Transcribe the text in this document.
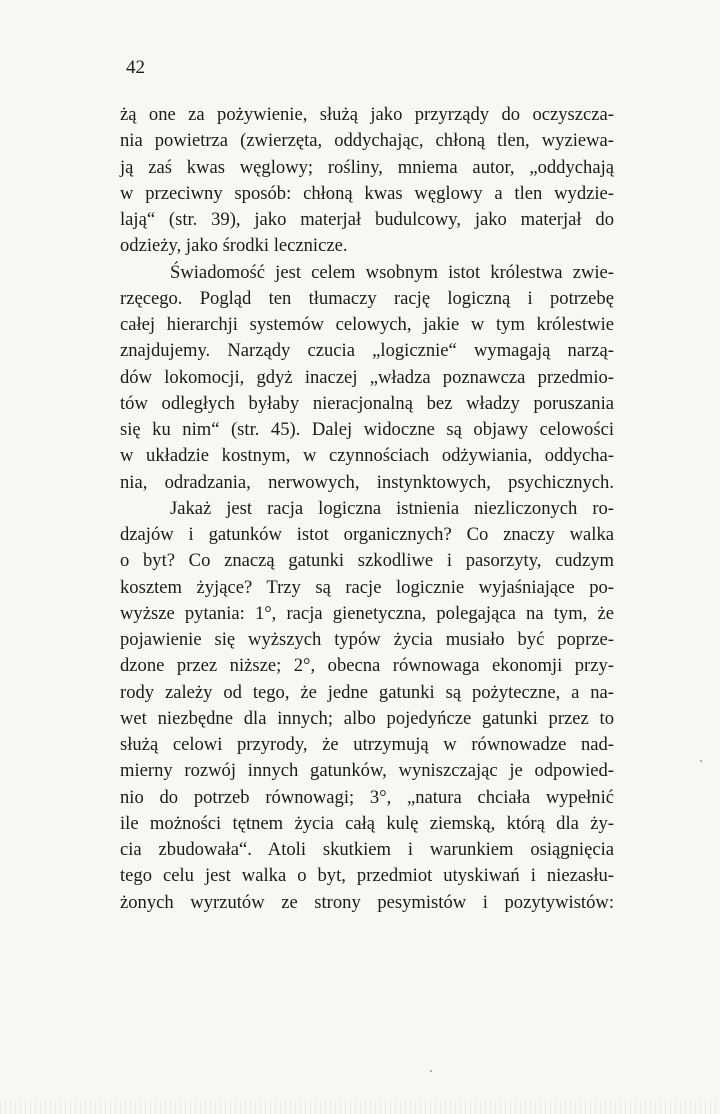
42
żą one za pożywienie, służą jako przyrządy do oczyszcza-
nia powietrza (zwierzęta, oddychając, chłoną tlen, wyziewa-
ją zaś kwas węglowy; rośliny, mniema autor, „oddychają
w przeciwny sposób: chłoną kwas węglowy a tlen wydzie-
lają“ (str. 39), jako materjał budulcowy, jako materjał do
odzieży, jako środki lecznicze.
Świadomość jest celem wsobnym istot królestwa zwie-
rzęcego. Pogląd ten tłumaczy rację logiczną i potrzebę
całej hierarchji systemów celowych, jakie w tym królestwie
znajdujemy. Narządy czucia „logicznie“ wymagają narzą-
dów lokomocji, gdyż inaczej „władza poznawcza przedmio-
tów odległych byłaby nieracjonalną bez władzy poruszania
się ku nim“ (str. 45). Dalej widoczne są objawy celowości
w układzie kostnym, w czynnościach odżywiania, oddycha-
nia, odradzania, nerwowych, instynktowych, psychicznych.
Jakaż jest racja logiczna istnienia niezliczonych ro-
dzajów i gatunków istot organicznych? Co znaczy walka
o byt? Co znaczą gatunki szkodliwe i pasorzyty, cudzym
kosztem żyjące? Trzy są racje logicznie wyjaśniające po-
wyższe pytania: 1°, racja gienetyczna, polegająca na tym, że
pojawienie się wyższych typów życia musiało być poprze-
dzone przez niższe; 2°, obecna równowaga ekonomji przy-
rody zależy od tego, że jedne gatunki są pożyteczne, a na-
wet niezbędne dla innych; albo pojedyńcze gatunki przez to
służą celowi przyrody, że utrzymują w równowadze nad-
mierny rozwój innych gatunków, wyniszczając je odpowied-
nio do potrzeb równowagi; 3°, „natura chciała wypełnić
ile możności tętnem życia całą kulę ziemską, którą dla ży-
cia zbudowała“. Atoli skutkiem i warunkiem osiągnięcia
tego celu jest walka o byt, przedmiot utyskiwań i niezasłu-
żonych wyrzutów ze strony pesymistów i pozytywistów:
